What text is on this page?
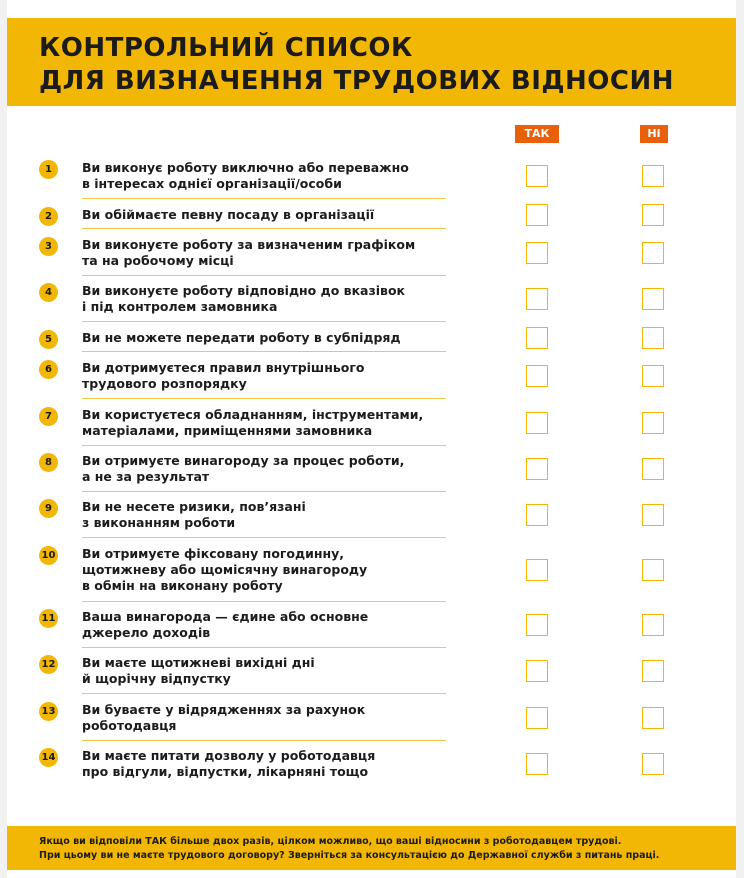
КОНТРОЛЬНИЙ СПИСОК
ДЛЯ ВИЗНАЧЕННЯ ТРУДОВИХ ВІДНОСИН
ТАК	НІ
1	Ви виконує роботу виключно або переважно
в інтересах однієї організації/особи
2	Ви обіймаєте певну посаду в організації
3	Ви виконуєте роботу за визначеним графіком
та на робочому місці
4	Ви виконуєте роботу відповідно до вказівок
і під контролем замовника
5	Ви не можете передати роботу в субпідряд
6	Ви дотримуєтеся правил внутрішнього
трудового розпорядку
7	Ви користуєтеся обладнанням, інструментами,
матеріалами, приміщеннями замовника
8	Ви отримуєте винагороду за процес роботи,
а не за результат
9	Ви не несете ризики, пов’язані
з виконанням роботи
10 Ви отримуєте фіксовану погодинну,
щотижневу або щомісячну винагороду
в обмін на виконану роботу
11 Ваша винагорода — єдине або основне
джерело доходів
12 Ви маєте щотижневі вихідні дні
й щорічну відпустку
13 Ви буваєте у відрядженнях за рахунок
роботодавця
14 Ви маєте питати дозволу у роботодавця
про відгули, відпустки, лікарняні тощо

Якщо ви відповіли ТАК більше двох разів, цілком можливо, що ваші відносини з роботодавцем трудові.

При цьому ви не маєте трудового договору? Зверніться за консультацією до Державної служби з питань праці.
